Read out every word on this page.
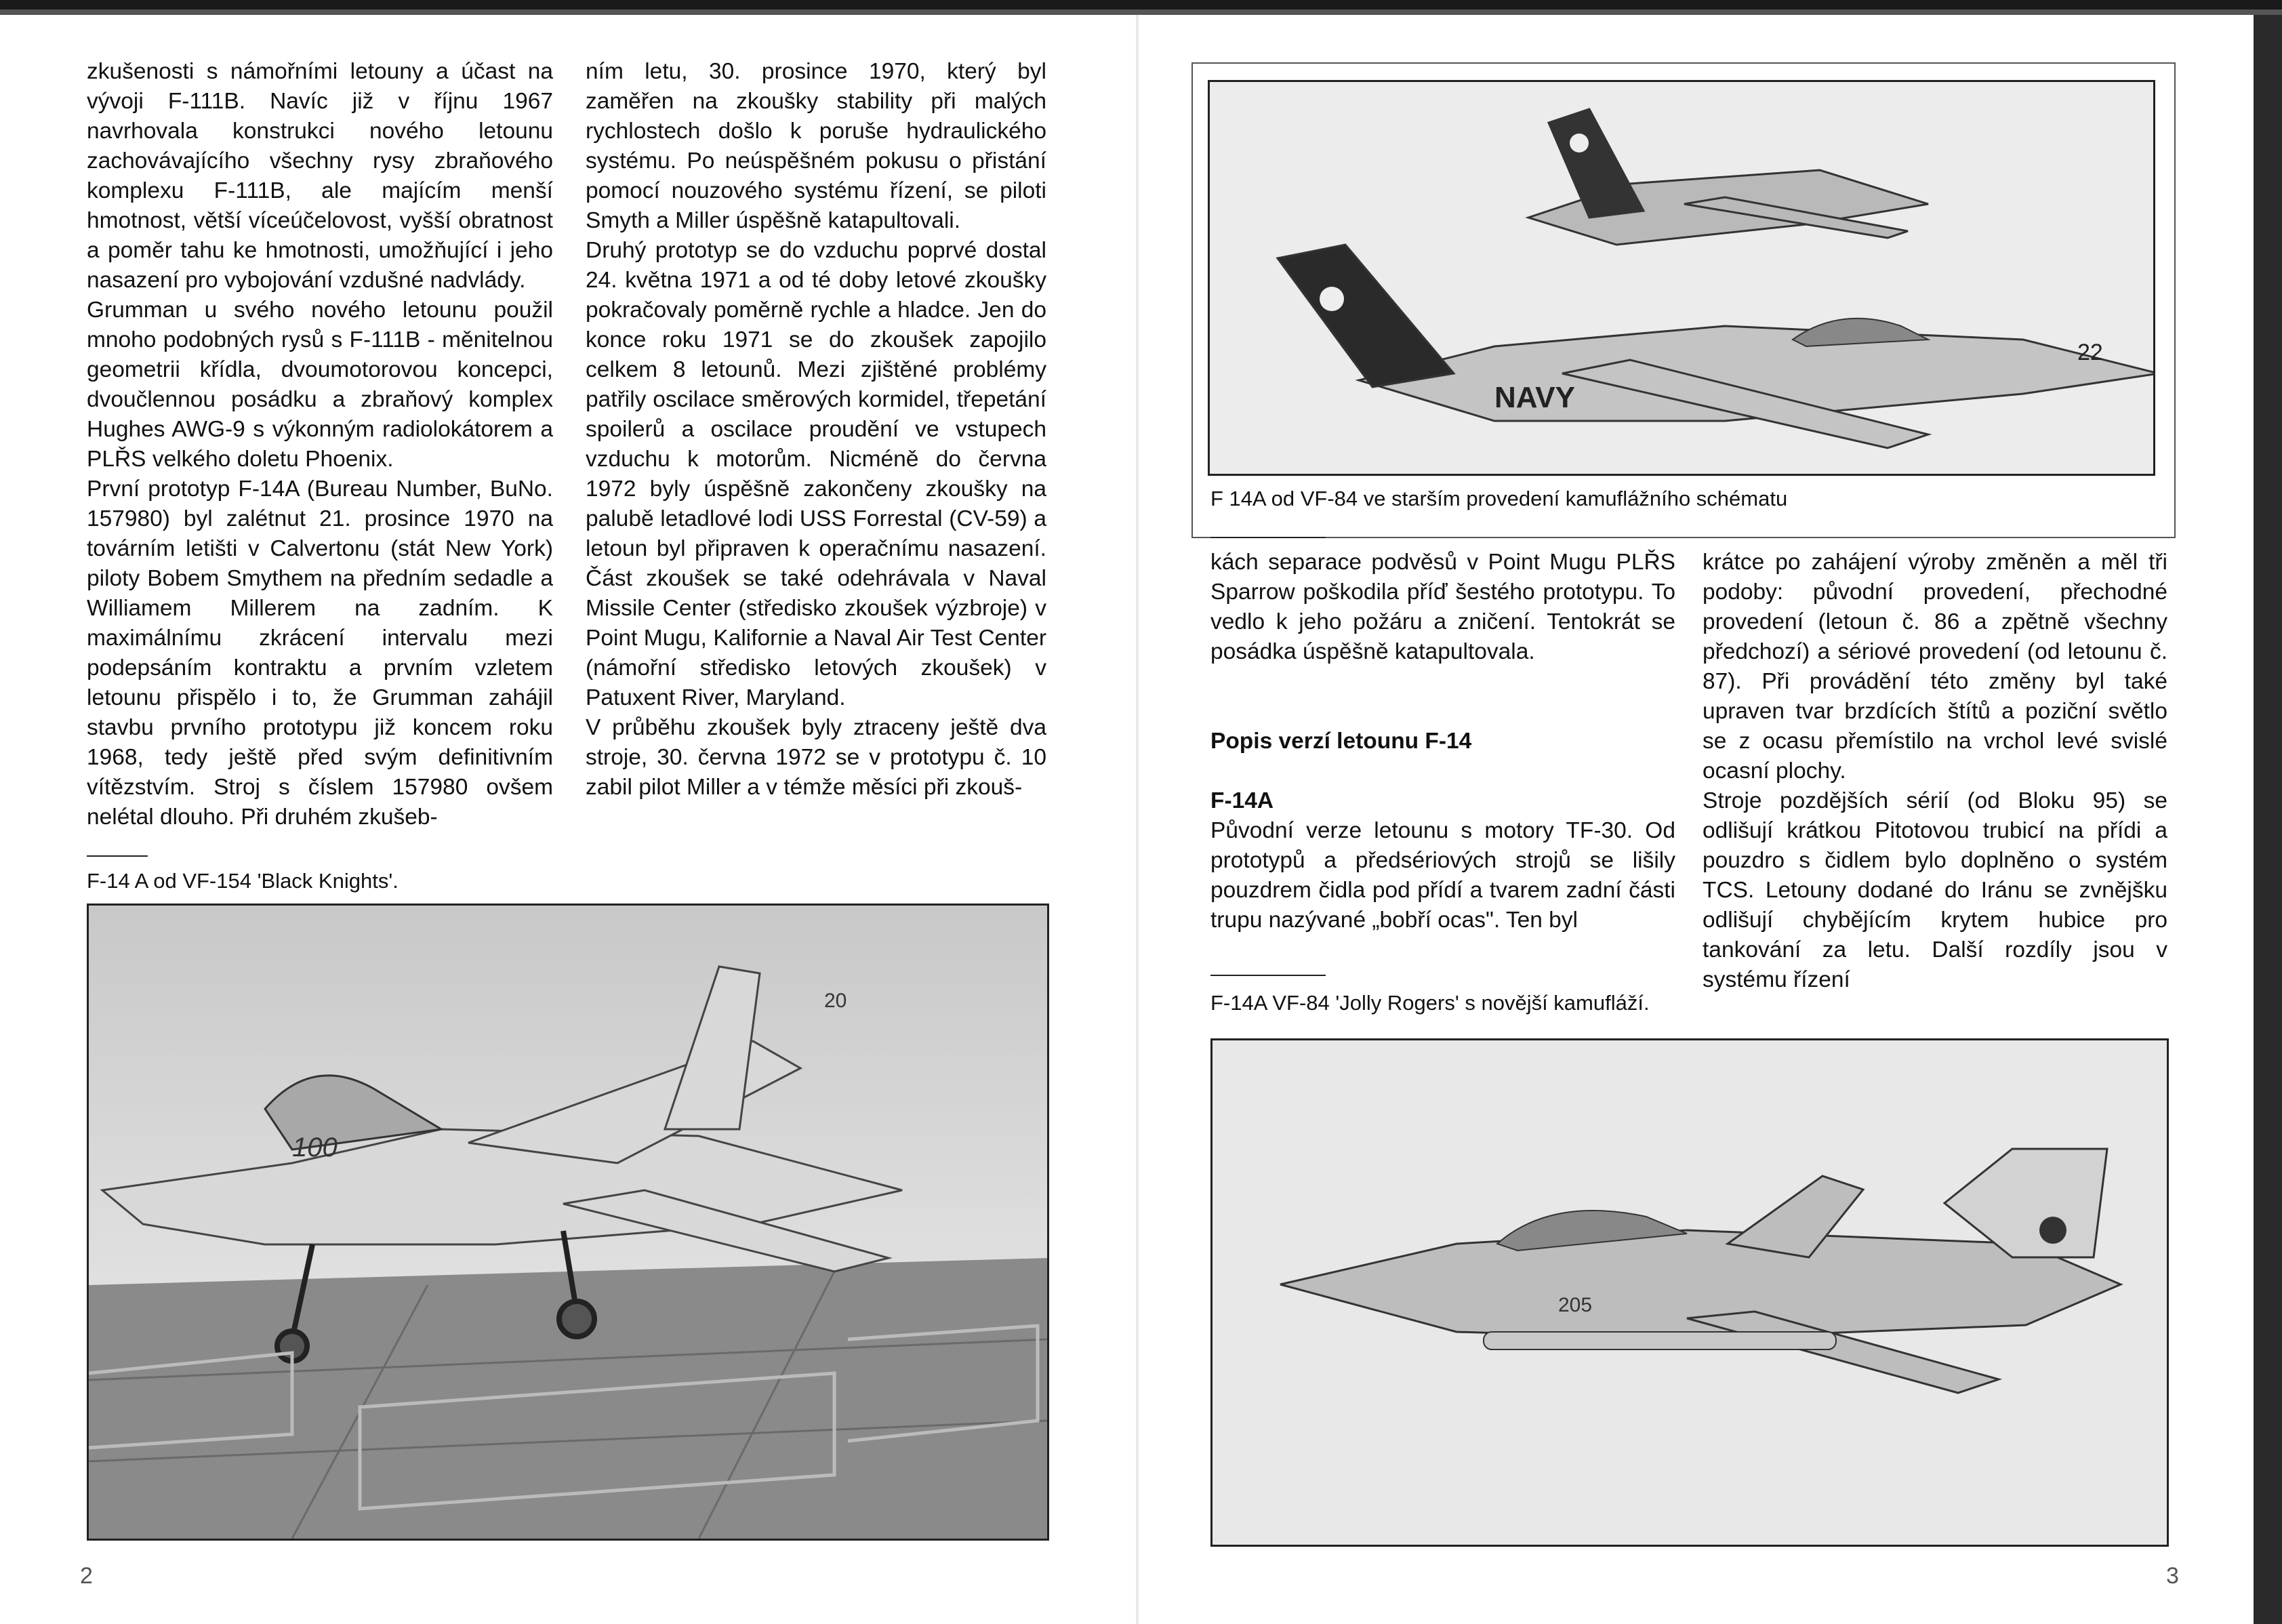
zkušenosti s námořními letouny a účast na vývoji F-111B. Navíc již v říjnu 1967 navrhovala konstrukci nového letounu zachovávajícího všechny rysy zbraňového komplexu F-111B, ale majícím menší hmotnost, větší víceúčelovost, vyšší obratnost a poměr tahu ke hmotnosti, umožňující i jeho nasazení pro vybojování vzdušné nadvlády.

Grumman u svého nového letounu použil mnoho podobných rysů s F-111B - měnitelnou geometrii křídla, dvoumotorovou koncepci, dvoučlennou posádku a zbraňový komplex Hughes AWG-9 s výkonným radiolokátorem a PLŘS velkého doletu Phoenix.

První prototyp F-14A (Bureau Number, BuNo. 157980) byl zalétnut 21. prosince 1970 na továrním letišti v Calvertonu (stát New York) piloty Bobem Smythem na předním sedadle a Williamem Millerem na zadním. K maximálnímu zkrácení intervalu mezi podepsáním kontraktu a prvním vzletem letounu přispělo i to, že Grumman zahájil stavbu prvního prototypu již koncem roku 1968, tedy ještě před svým definitivním vítězstvím. Stroj s číslem 157980 ovšem nelétal dlouho. Při druhém zkušeb-

ním letu, 30. prosince 1970, který byl zaměřen na zkoušky stability při malých rychlostech došlo k poruše hydraulického systému. Po neúspěšném pokusu o přistání pomocí nouzového systému řízení, se piloti Smyth a Miller úspěšně katapultovali.

Druhý prototyp se do vzduchu poprvé dostal 24. května 1971 a od té doby letové zkoušky pokračovaly poměrně rychle a hladce. Jen do konce roku 1971 se do zkoušek zapojilo celkem 8 letounů. Mezi zjištěné problémy patřily oscilace směrových kormidel, třepetání spoilerů a oscilace proudění ve vstupech vzduchu k motorům. Nicméně do června 1972 byly úspěšně zakončeny zkoušky na palubě letadlové lodi USS Forrestal (CV-59) a letoun byl připraven k operačnímu nasazení. Část zkoušek se také odehrávala v Naval Missile Center (středisko zkoušek výzbroje) v Point Mugu, Kalifornie a Naval Air Test Center (námořní středisko letových zkoušek) v Patuxent River, Maryland.

V průběhu zkoušek byly ztraceny ještě dva stroje, 30. června 1972 se v prototypu č. 10 zabil pilot Miller a v témže měsíci při zkouš-

F-14 A od VF-154 'Black Knights'.
100
20
2
NAVY
22
F 14A od VF-84 ve starším provedení kamuflážního schématu

kách separace podvěsů v Point Mugu PLŘS Sparrow poškodila příď šestého prototypu. To vedlo k jeho požáru a zničení. Tentokrát se posádka úspěšně katapultovala.

Popis verzí letounu F-14

F-14A

Původní verze letounu s motory TF-30. Od prototypů a předsériových strojů se lišily pouzdrem čidla pod přídí a tvarem zadní části trupu nazývané „bobří ocas". Ten byl

krátce po zahájení výroby změněn a měl tři podoby: původní provedení, přechodné provedení (letoun č. 86 a zpětně všechny předchozí) a sériové provedení (od letounu č. 87). Při provádění této změny byl také upraven tvar brzdících štítů a poziční světlo se z ocasu přemístilo na vrchol levé svislé ocasní plochy.

Stroje pozdějších sérií (od Bloku 95) se odlišují krátkou Pitotovou trubicí na přídi a pouzdro s čidlem bylo doplněno o systém TCS. Letouny dodané do Iránu se zvnějšku odlišují chybějícím krytem hubice pro tankování za letu. Další rozdíly jsou v systému řízení

F-14A VF-84 'Jolly Rogers' s novější kamufláží.
205
3
